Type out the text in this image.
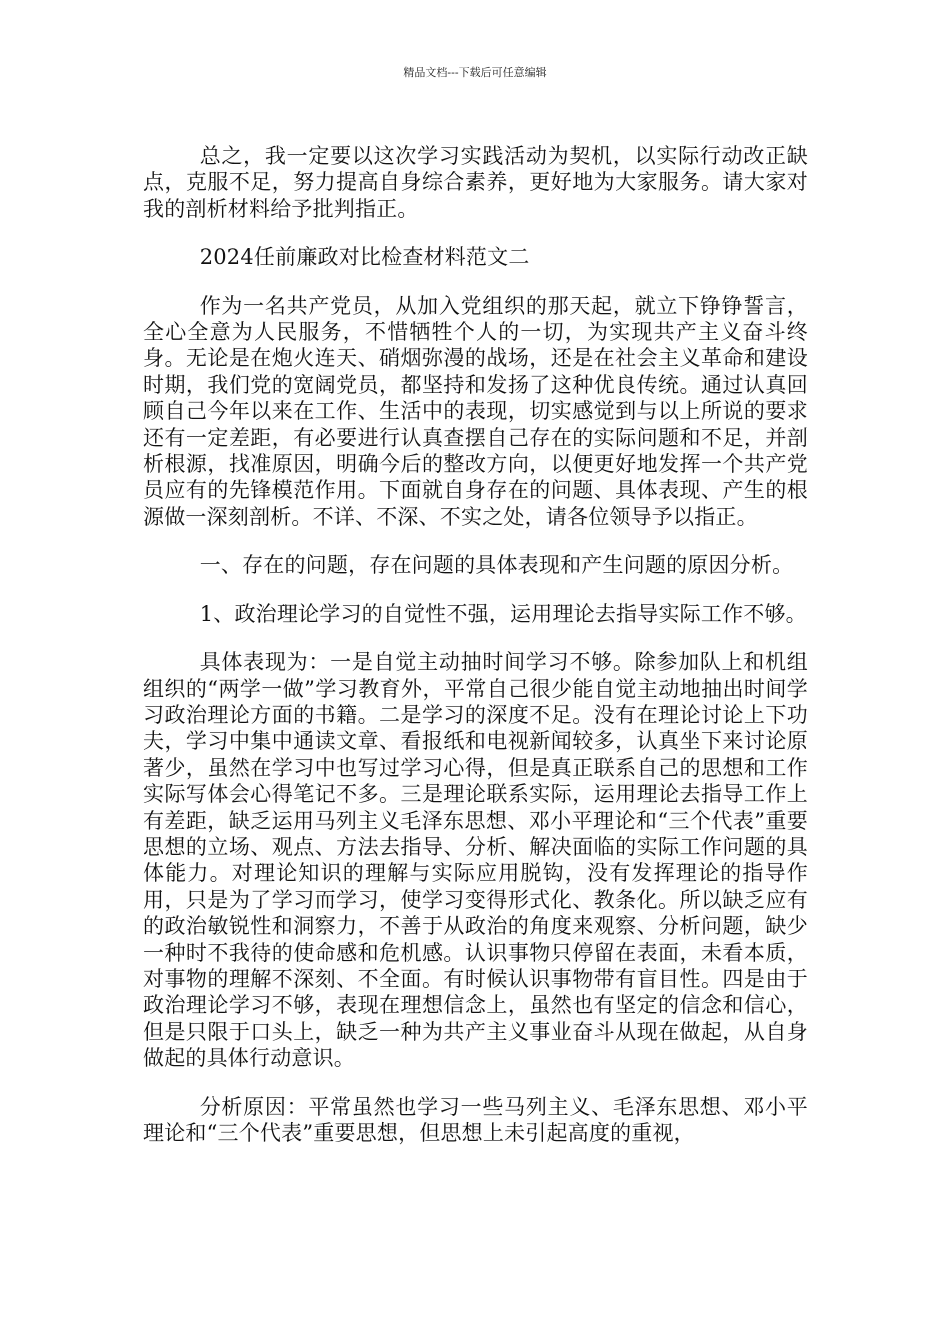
精品文档---下载后可任意编辑

总之，我一定要以这次学习实践活动为契机，以实际行动改正缺点，克服不足，努力提高自身综合素养，更好地为大家服务。请大家对我的剖析材料给予批判指正。

2024任前廉政对比检查材料范文二

作为一名共产党员，从加入党组织的那天起，就立下铮铮誓言，全心全意为人民服务，不惜牺牲个人的一切，为实现共产主义奋斗终身。无论是在炮火连天、硝烟弥漫的战场，还是在社会主义革命和建设时期，我们党的宽阔党员，都坚持和发扬了这种优良传统。通过认真回顾自己今年以来在工作、生活中的表现，切实感觉到与以上所说的要求还有一定差距，有必要进行认真查摆自己存在的实际问题和不足，并剖析根源，找准原因，明确今后的整改方向，以便更好地发挥一个共产党员应有的先锋模范作用。下面就自身存在的问题、具体表现、产生的根源做一深刻剖析。不详、不深、不实之处，请各位领导予以指正。

一、存在的问题，存在问题的具体表现和产生问题的原因分析。

1、政治理论学习的自觉性不强，运用理论去指导实际工作不够。

具体表现为：一是自觉主动抽时间学习不够。除参加队上和机组组织的“两学一做”学习教育外，平常自己很少能自觉主动地抽出时间学习政治理论方面的书籍。二是学习的深度不足。没有在理论讨论上下功夫，学习中集中通读文章、看报纸和电视新闻较多，认真坐下来讨论原著少，虽然在学习中也写过学习心得，但是真正联系自己的思想和工作实际写体会心得笔记不多。三是理论联系实际，运用理论去指导工作上有差距，缺乏运用马列主义毛泽东思想、邓小平理论和“三个代表”重要思想的立场、观点、方法去指导、分析、解决面临的实际工作问题的具体能力。对理论知识的理解与实际应用脱钩，没有发挥理论的指导作用，只是为了学习而学习，使学习变得形式化、教条化。所以缺乏应有的政治敏锐性和洞察力，不善于从政治的角度来观察、分析问题，缺少一种时不我待的使命感和危机感。认识事物只停留在表面，未看本质，对事物的理解不深刻、不全面。有时候认识事物带有盲目性。四是由于政治理论学习不够，表现在理想信念上，虽然也有坚定的信念和信心，但是只限于口头上，缺乏一种为共产主义事业奋斗从现在做起，从自身做起的具体行动意识。

分析原因：平常虽然也学习一些马列主义、毛泽东思想、邓小平理论和“三个代表”重要思想，但思想上未引起高度的重视，
